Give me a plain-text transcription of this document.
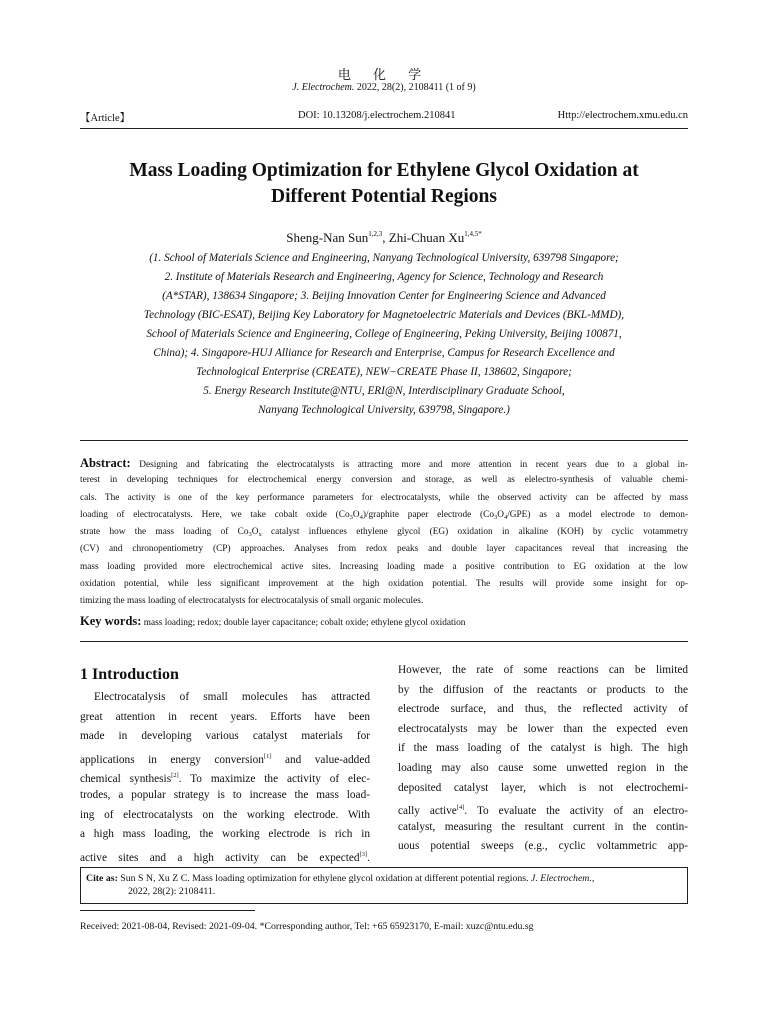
电 化 学
J. Electrochem. 2022, 28(2), 2108411 (1 of 9)
【Article】	DOI: 10.13208/j.electrochem.210841	Http://electrochem.xmu.edu.cn
Mass Loading Optimization for Ethylene Glycol Oxidation at
Different Potential Regions
Sheng-Nan Sun$^{1,2,3}$, Zhi-Chuan $Xu^{1,4,5*}$
(1. School of Materials Science and Engineering, Nanyang Technological University, 639798 Singapore;
2. Institute of Materials Research and Engineering, Agency for Science, Technology and Research
(A*STAR), 138634 Singapore; 3. Beijing Innovation Center for Engineering Science and Advanced
Technology (BIC-ESAT), Beijing Key Laboratory for Magnetoelectric Materials and Devices (BKL-MMD),
School of Materials Science and Engineering, College of Engineering, Peking University, Beijing 100871,
China); 4. Singapore-HUJ Alliance for Research and Enterprise, Campus for Research Excellence and
Technological Enterprise (CREATE), NEW−CREATE Phase II, 138602, Singapore;
5. Energy Research Institute@NTU, ERI@N, Interdisciplinary Graduate School,
Nanyang Technological University, 639798, Singapore.)
Abstract: Designing and fabricating the electrocatalysts is attracting more and more attention in recent years due to a global in-
terest in developing techniques for electrochemical energy conversion and storage, as well as elelectro-synthesis of valuable chemi-
cals. The activity is one of the key performance parameters for electrocatalysts, while the observed activity can be affected by mass
loading of electrocatalysts. Here, we take cobalt oxide $(Co_3O_4)$/graphite paper electrode $(Co_3O_4/GPE)$ as a model electrode to demon-
strate how the mass loading of $Co_3O_x$ catalyst influences ethylene glycol (EG) oxidation in alkaline (KOH) by cyclic votammetry
(CV) and chronopentiometry (CP) approaches. Analyses from redox peaks and double layer capacitances reveal that increasing the
mass loading provided more electrochemical active sites. Increasing loading made a positive contribution to EG oxidation at the low
oxidation potential, while less significant improvement at the high oxidation potential. The results will provide some insight for op-
timizing the mass loading of electrocatalysts for electrocatalysis of small organic molecules.
Key words: mass loading; redox; double layer capacitance; cobalt oxide; ethylene glycol oxidation
1 Introduction
Electrocatalysis of small molecules has attracted
great attention in recent years. Efforts have been
made in developing various catalyst materials for
applications in energy conversion[1] and value-added
chemical synthesis[2]. To maximize the activity of elec-
trodes, a popular strategy is to increase the mass load-
ing of electrocatalysts on the working electrode. With
a high mass loading, the working electrode is rich in
active sites and a high activity can be expected[3].
However, the rate of some reactions can be limited
by the diffusion of the reactants or products to the
electrode surface, and thus, the reflected activity of
electrocatalysts may be lower than the expected even
if the mass loading of the catalyst is high. The high
loading may also cause some unwetted region in the
deposited catalyst layer, which is not electrochemi-
cally active[4]. To evaluate the activity of an electro-
catalyst, measuring the resultant current in the contin-
uous potential sweeps (e.g., cyclic voltammetric app-
Cite as: Sun S N, Xu Z C. Mass loading optimization for ethylene glycol oxidation at different potential regions. J. Electrochem.,
2022, 28(2): 2108411.
Received: 2021-08-04, Revised: 2021-09-04. *Corresponding author, Tel: +65 65923170, E-mail: xuzc@ntu.edu.sg
